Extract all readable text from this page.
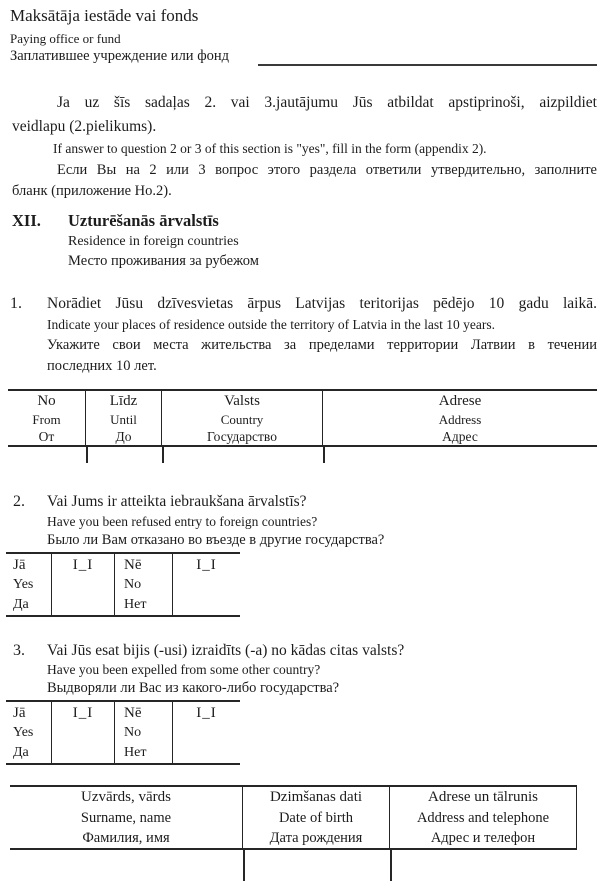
Maksātāja iestāde vai fonds
Paying office or fund
Заплатившее учреждение или фонд
Ja uz šīs sadaļas 2. vai 3.jautājumu Jūs atbildat apstiprinoši, aizpildiet
veidlapu (2.pielikums).
If answer to question 2 or 3 of this section is "yes", fill in the form (appendix 2).
Если Вы на 2 или 3 вопрос этого раздела ответили утвердительно, заполните
бланк (приложение Но.2).
XII. Uzturēšanās ārvalstīs
Residence in foreign countries
Место проживания за рубежом
1. Norādiet Jūsu dzīvesvietas ārpus Latvijas teritorijas pēdējo 10 gadu laikā.
Indicate your places of residence outside the territory of Latvia in the last 10 years.
Укажите свои места жительства за пределами территории Латвии в течении
последних 10 лет.
No
From
От
Līdz
Until
До
Valsts
Country
Государство
Adrese
Address
Адрес
2. Vai Jums ir atteikta iebraukšana ārvalstīs?
Have you been refused entry to foreign countries?
Было ли Вам отказано во въезде в другие государства?
Jā
Yes
Да
I_I	Nē
No
Нет
I_I
3. Vai Jūs esat bijis (-usi) izraidīts (-a) no kādas citas valsts?
Have you been expelled from some other country?
Выдворяли ли Вас из какого-либо государства?
Jā
Yes
Да
I_I	Nē
No
Нет
I_I
Uzvārds, vārds
Surname, name
Фамилия, имя
Dzimšanas dati
Date of birth
Дата рождения
Adrese un tālrunis
Address and telephone
Адрес и телефон
